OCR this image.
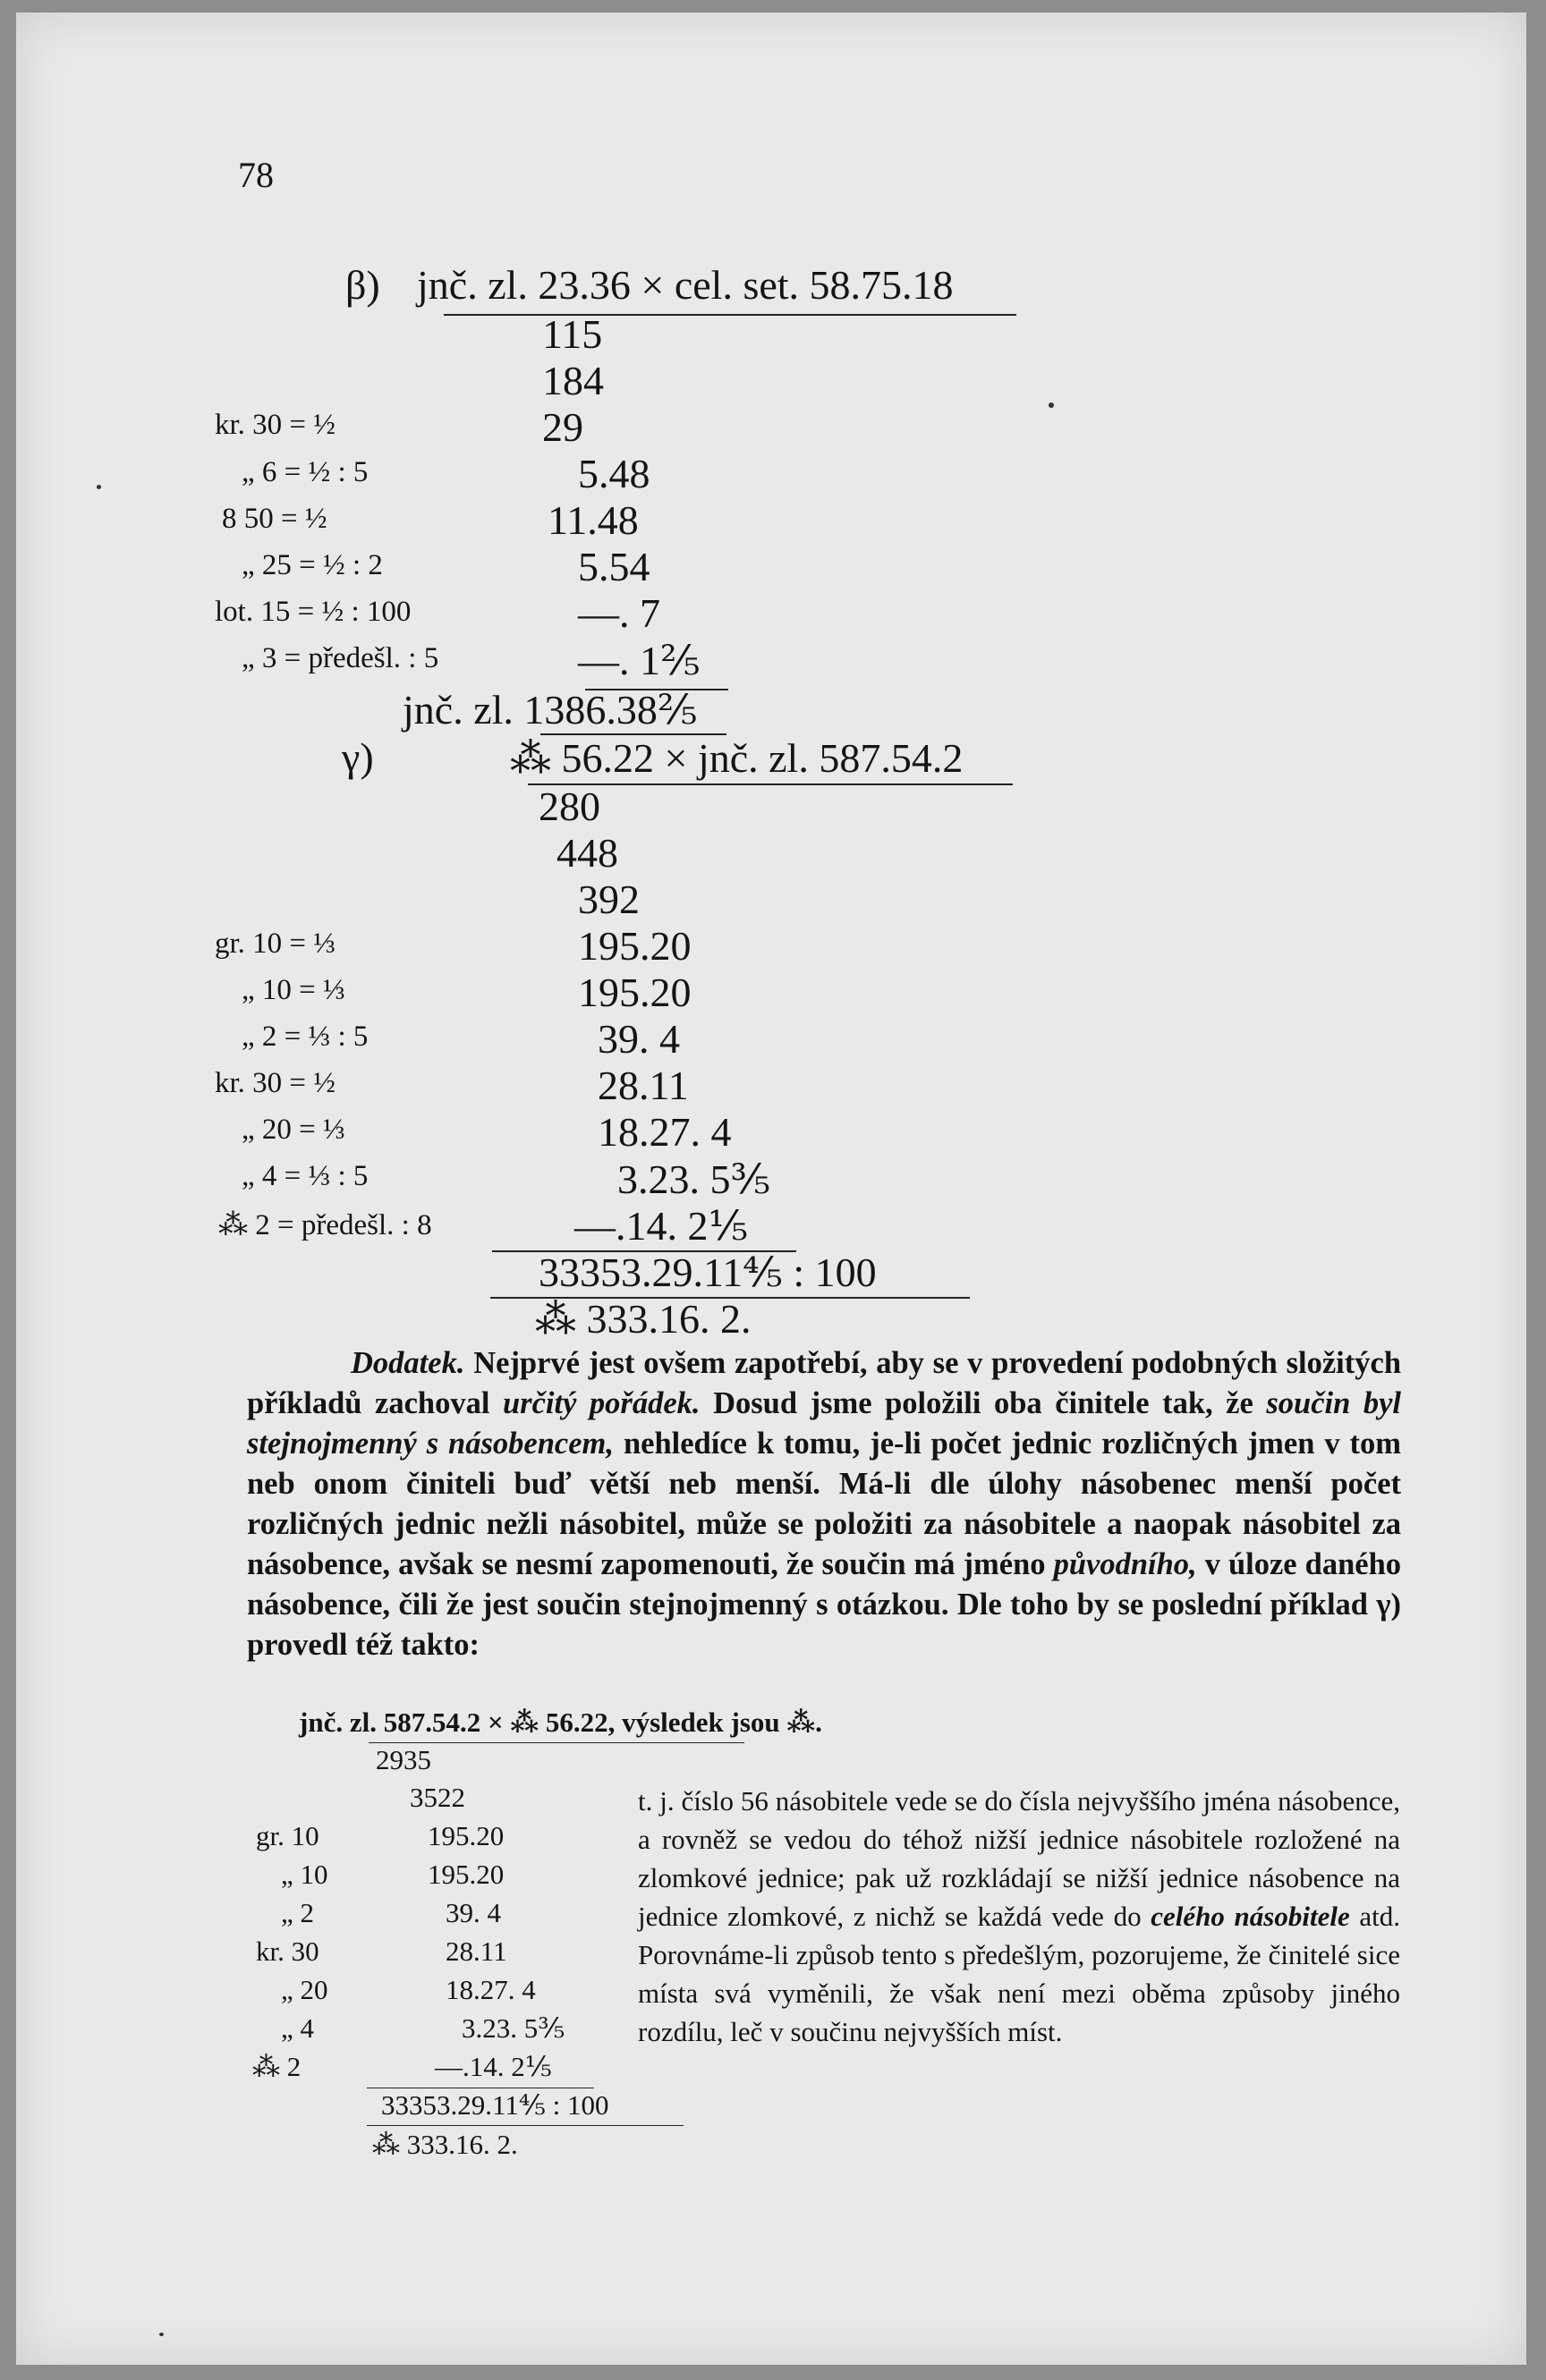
78
β) jnč. zl. 23.36 × cel. set. 58.75.18
115
184
kr. 30 = ½	29
„ 6 = ½ : 5	5.48
8 50 = ½	11.48
„ 25 = ½ : 2	5.54
lot. 15 = ½ : 100	—. 7
„ 3 = předešl. : 5	—. 1⅖
jnč. zl. 1386.38⅖
γ)	⁂ 56.22 × jnč. zl. 587.54.2
280
448
392
gr. 10 = ⅓	195.20
„ 10 = ⅓	195.20
„ 2 = ⅓ : 5	39. 4
kr. 30 = ½	28.11
„ 20 = ⅓	18.27. 4
„ 4 = ⅓ : 5	3.23. 5⅗
⁂ 2 = předešl. : 8	—.14. 2⅕
33353.29.11⅘ : 100
⁂ 333.16. 2.

Dodatek. Nejprvé jest ovšem zapotřebí, aby se v provedení podobných složitých příkladů zachoval určitý pořádek. Dosud jsme položili oba činitele tak, že součin byl stejnojmenný s násobencem, nehledíce k tomu, je-li počet jednic rozličných jmen v tom neb onom činiteli buď větší neb menší. Má-li dle úlohy násobenec menší počet rozličných jednic nežli násobitel, může se položiti za násobitele a naopak násobitel za násobence, avšak se nesmí zapomenouti, že součin má jméno původního, v úloze daného násobence, čili že jest součin stejnojmenný s otázkou. Dle toho by se poslední příklad γ) provedl též takto:

jnč. zl. 587.54.2 × ⁂ 56.22, výsledek jsou ⁂.
2935
3522
gr. 10	195.20
„ 10	195.20
„ 2	39. 4
kr. 30	28.11
„ 20	18.27. 4
„ 4	3.23. 5⅗
⁂ 2	—.14. 2⅕
33353.29.11⅘ : 100
⁂ 333.16. 2.
t. j. číslo 56 násobitele vede se do čísla nejvyššího jména násobence, a rovněž se vedou do téhož nižší jednice násobitele rozložené na zlomkové jednice; pak už rozkládají se nižší jednice násobence na jednice zlomkové, z nichž se každá vede do celého násobitele atd. Porovnáme-li způsob tento s předešlým, pozorujeme, že činitelé sice místa svá vyměnili, že však není mezi oběma způsoby jiného rozdílu, leč v součinu nejvyšších míst.
